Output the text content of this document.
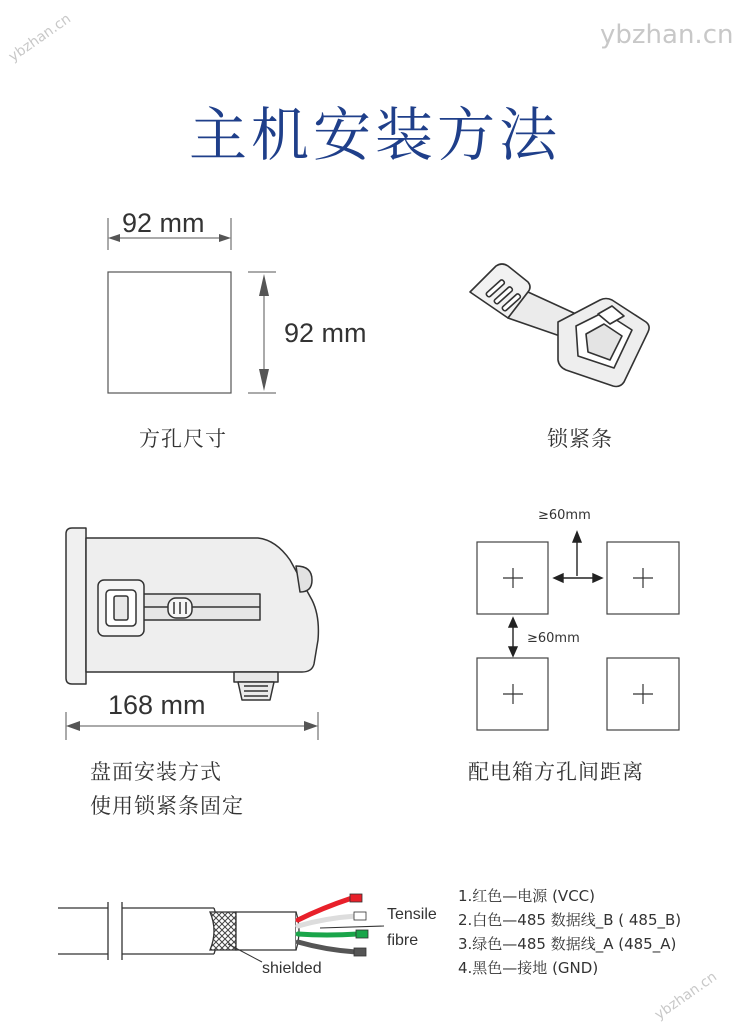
ybzhan.cn
ybzhan.cn
ybzhan.cn
主机安装方法
92 mm
92 mm
方孔尺寸	锁紧条
168 mm
盘面安装方式
使用锁紧条固定
≥60mm
≥60mm
配电箱方孔间距离
Tensile
fibre
shielded
1.红色—电源 (VCC)
2.白色—485 数据线_B ( 485_B)
3.绿色—485 数据线_A (485_A)
4.黑色—接地 (GND)
